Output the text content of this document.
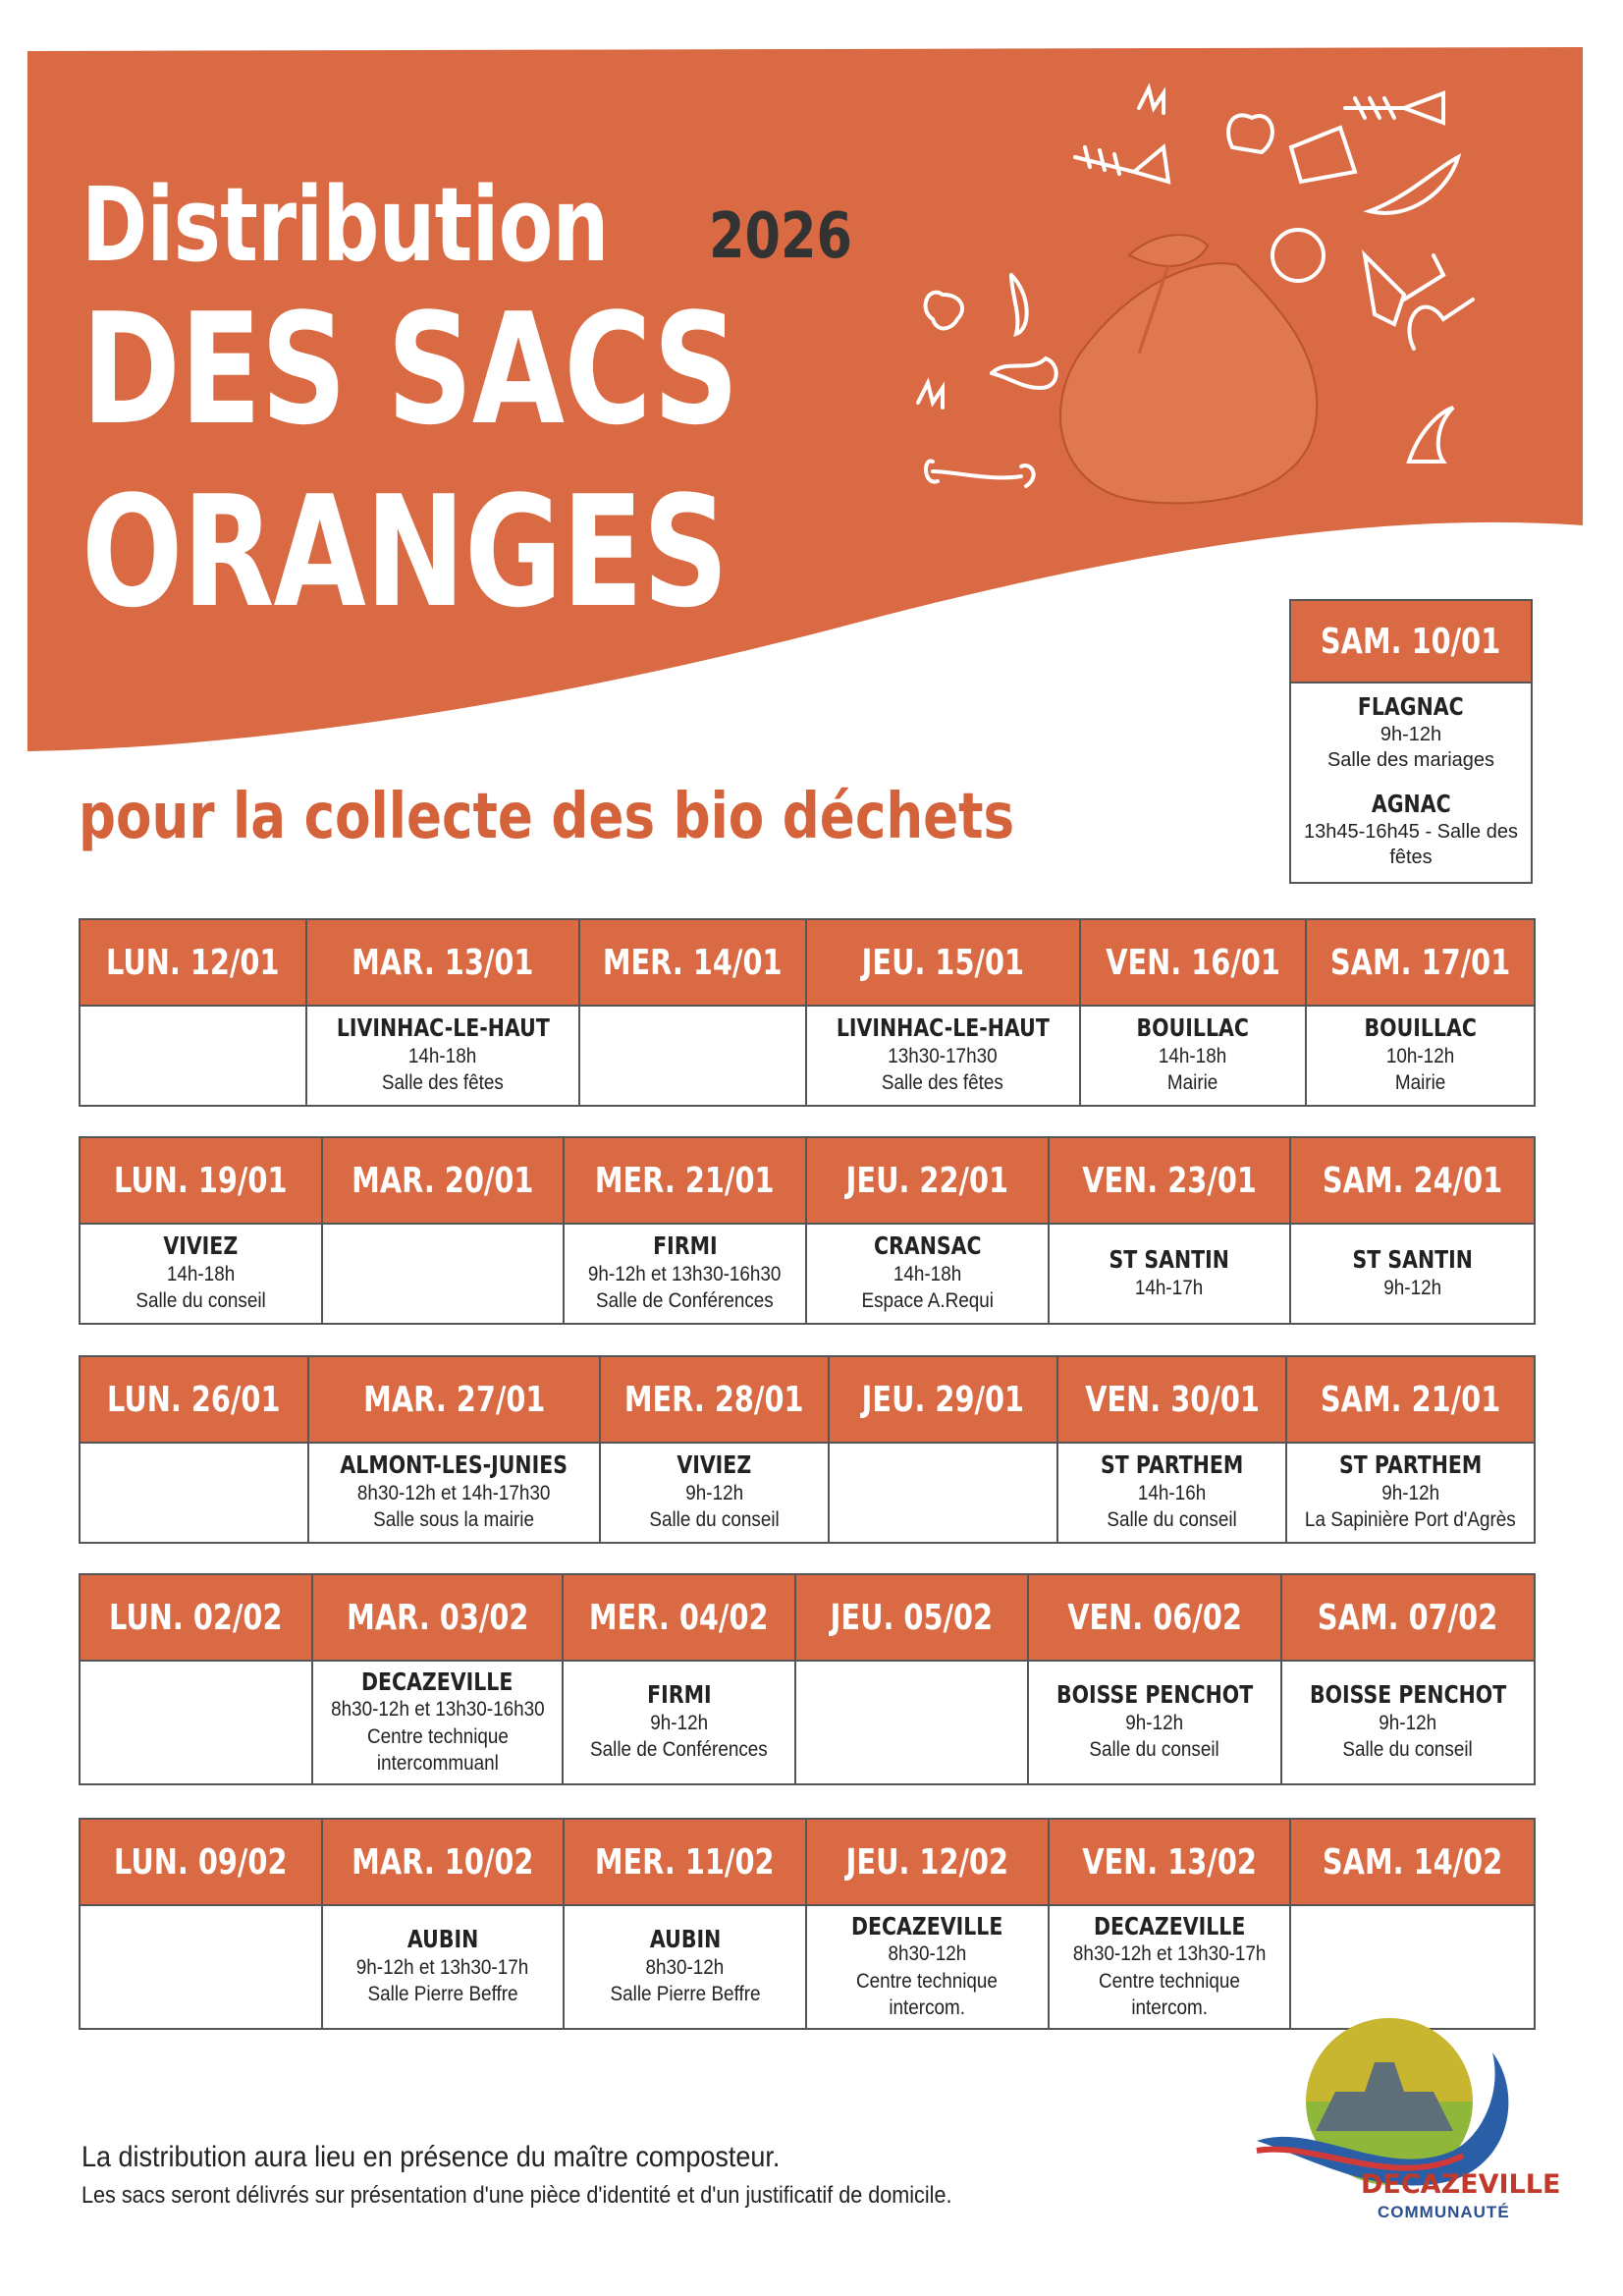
Distribution 2026
DES SACS
ORANGES
pour la collecte des bio déchets
SAM. 10/01
FLAGNAC
9h-12h
Salle des mariages
AGNAC
13h45-16h45 - Salle des fêtes
LUN. 12/01 MAR. 13/01
LIVINHAC-LE-HAUT
14h-18h
Salle des fêtes
MER. 14/01 JEU. 15/01
LIVINHAC-LE-HAUT
13h30-17h30
Salle des fêtes
VEN. 16/01
BOUILLAC
14h-18h
Mairie
SAM. 17/01
BOUILLAC
10h-12h
Mairie
LUN. 19/01
VIVIEZ
14h-18h
Salle du conseil
MAR. 20/01 MER. 21/01
FIRMI
9h-12h et 13h30-16h30
Salle de Conférences
JEU. 22/01
CRANSAC
14h-18h
Espace A.Requi
VEN. 23/01
ST SANTIN
14h-17h
SAM. 24/01
ST SANTIN
9h-12h
LUN. 26/01 MAR. 27/01
ALMONT-LES-JUNIES
8h30-12h et 14h-17h30
Salle sous la mairie
MER. 28/01
VIVIEZ
9h-12h
Salle du conseil
JEU. 29/01 VEN. 30/01
ST PARTHEM
14h-16h
Salle du conseil
SAM. 21/01
ST PARTHEM
9h-12h
La Sapinière Port d'Agrès
LUN. 02/02 MAR. 03/02
DECAZEVILLE
8h30-12h et 13h30-16h30
Centre technique
intercommuanl
MER. 04/02
FIRMI
9h-12h
Salle de Conférences
JEU. 05/02 VEN. 06/02
BOISSE PENCHOT
9h-12h
Salle du conseil
SAM. 07/02
BOISSE PENCHOT
9h-12h
Salle du conseil
LUN. 09/02 MAR. 10/02
AUBIN
9h-12h et 13h30-17h
Salle Pierre Beffre
MER. 11/02
AUBIN
8h30-12h
Salle Pierre Beffre
JEU. 12/02
DECAZEVILLE
8h30-12h
Centre technique
intercom.
VEN. 13/02
DECAZEVILLE
8h30-12h et 13h30-17h
Centre technique
intercom.
SAM. 14/02
La distribution aura lieu en présence du maître composteur.
Les sacs seront délivrés sur présentation d'une pièce d'identité et d'un justificatif de domicile.	DECAZEVILLE
COMMUNAUTÉ
